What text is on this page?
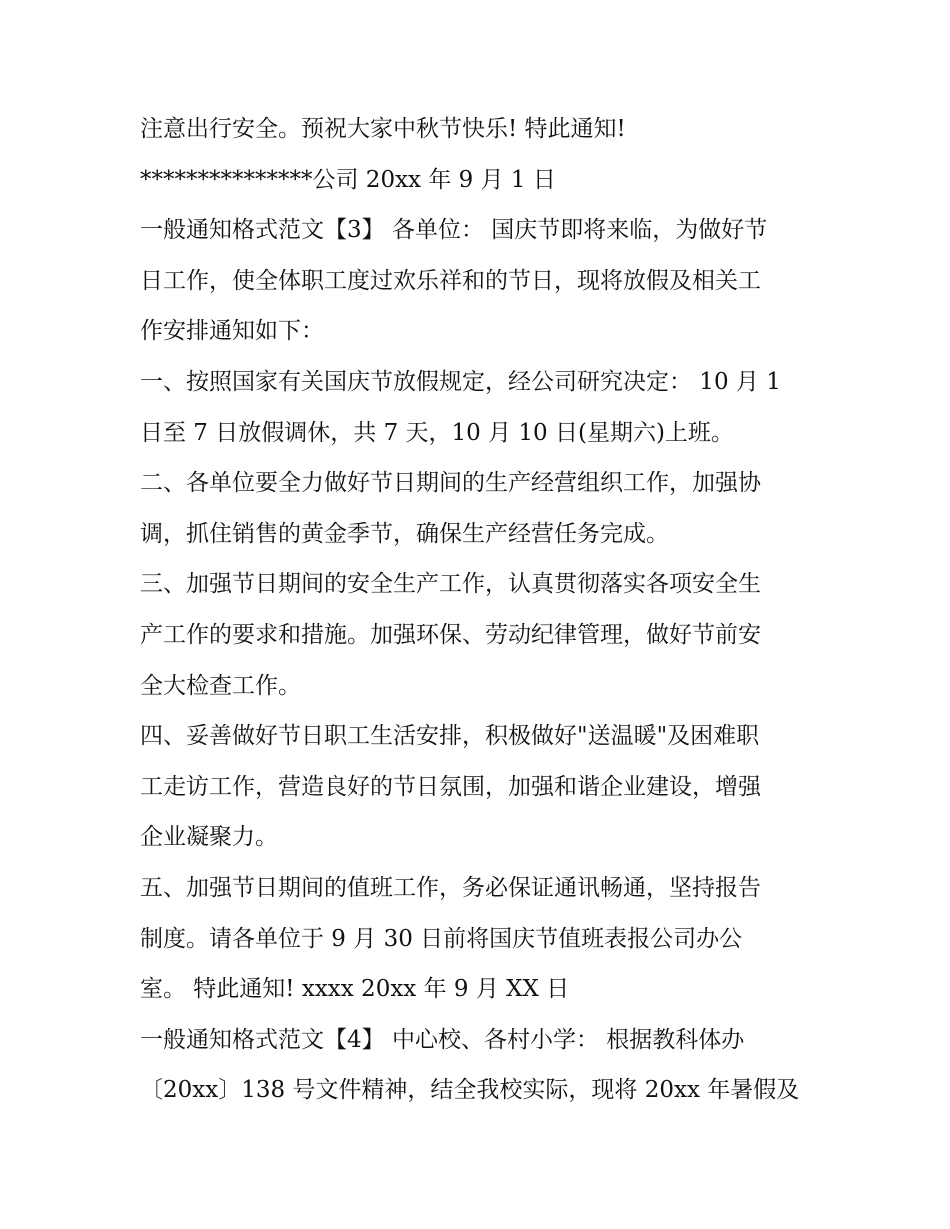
注意出行安全。预祝大家中秋节快乐! 特此通知!
***************公司 20xx 年 9 月 1 日
一般通知格式范文【3】 各单位： 国庆节即将来临，为做好节
日工作，使全体职工度过欢乐祥和的节日，现将放假及相关工
作安排通知如下：
一、按照国家有关国庆节放假规定，经公司研究决定： 10 月 1
日至 7 日放假调休，共 7 天，10 月 10 日(星期六)上班。
二、各单位要全力做好节日期间的生产经营组织工作，加强协
调，抓住销售的黄金季节，确保生产经营任务完成。
三、加强节日期间的安全生产工作，认真贯彻落实各项安全生
产工作的要求和措施。加强环保、劳动纪律管理，做好节前安
全大检查工作。
四、妥善做好节日职工生活安排，积极做好"送温暖"及困难职
工走访工作，营造良好的节日氛围，加强和谐企业建设，增强
企业凝聚力。
五、加强节日期间的值班工作，务必保证通讯畅通，坚持报告
制度。请各单位于 9 月 30 日前将国庆节值班表报公司办公
室。 特此通知! xxxx 20xx 年 9 月 XX 日
一般通知格式范文【4】 中心校、各村小学： 根据教科体办
〔20xx〕138 号文件精神，结全我校实际，现将 20xx 年暑假及
